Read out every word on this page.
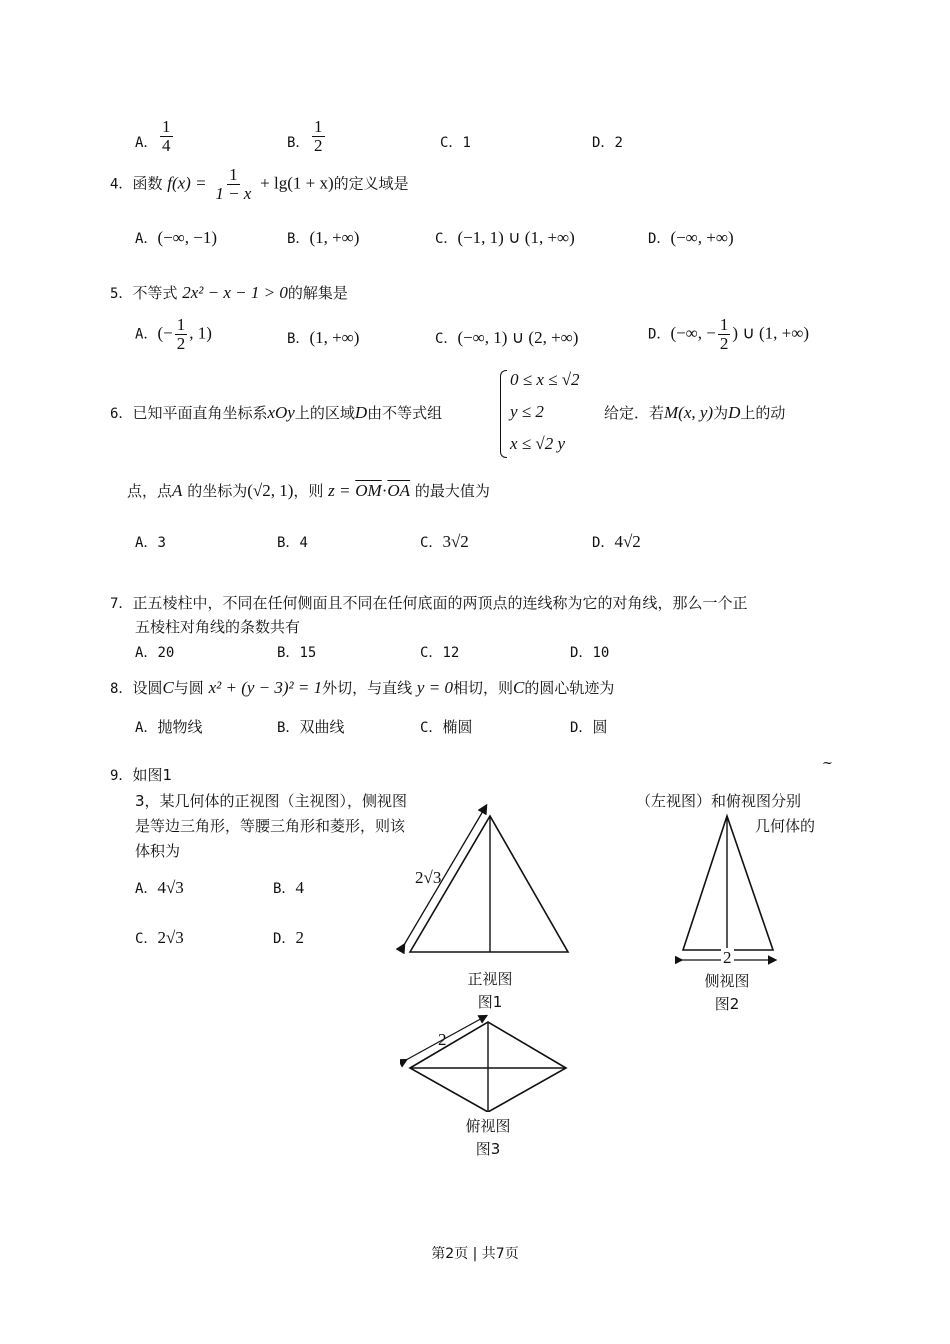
A． $\frac{1}{4}$	B． $\frac{1}{2}$	C．1	D．2
4．函数 $f(x) = \frac{1}{1 - x} + \lg(1 + x)$的定义域是
A．(−∞, −1)	B．(1, +∞)	C．(−1, 1) ∪ (1, +∞)	D．(−∞, +∞)
5．不等式 2x² − x − 1 > 0的解集是
A．(− $\frac{1}{2}$ , 1)	B．(1, +∞)	C．(−∞, 1) ∪ (2, +∞)	D．(−∞, − $\frac{1}{2}$ ) ∪ (1, +∞)
6．已知平面直角坐标系xOy上的区域D由不等式组
0 ≤ x ≤ √2
y ≤ 2
x ≤ √2 y
给定．若M(x, y)为D上的动
点，点A 的坐标为(√2, 1)，则 $z = \overline{OM}\cdot\overline{OA}$ 的最大值为
A．3	B．4	C．3√2	D．4√2
7．正五棱柱中，不同在任何侧面且不同在任何底面的两顶点的连线称为它的对角线，那么一个正
五棱柱对角线的条数共有
A．20	B．15	C．12	D．10
8．设圆C与圆 x² + (y − 3)² = 1外切，与直线 y = 0相切，则C的圆心轨迹为
A．抛物线	B．双曲线	C．椭圆	D．圆
9．如图1
~
3，某几何体的正视图（主视图），侧视图	（左视图）和俯视图分别
是等边三角形，等腰三角形和菱形，则该	几何体的
体积为
A．4√3	B．4
C．2√3	D．2
2√3
正视图
图1
2
侧视图
图2
2
俯视图
图3
第2页 | 共7页
